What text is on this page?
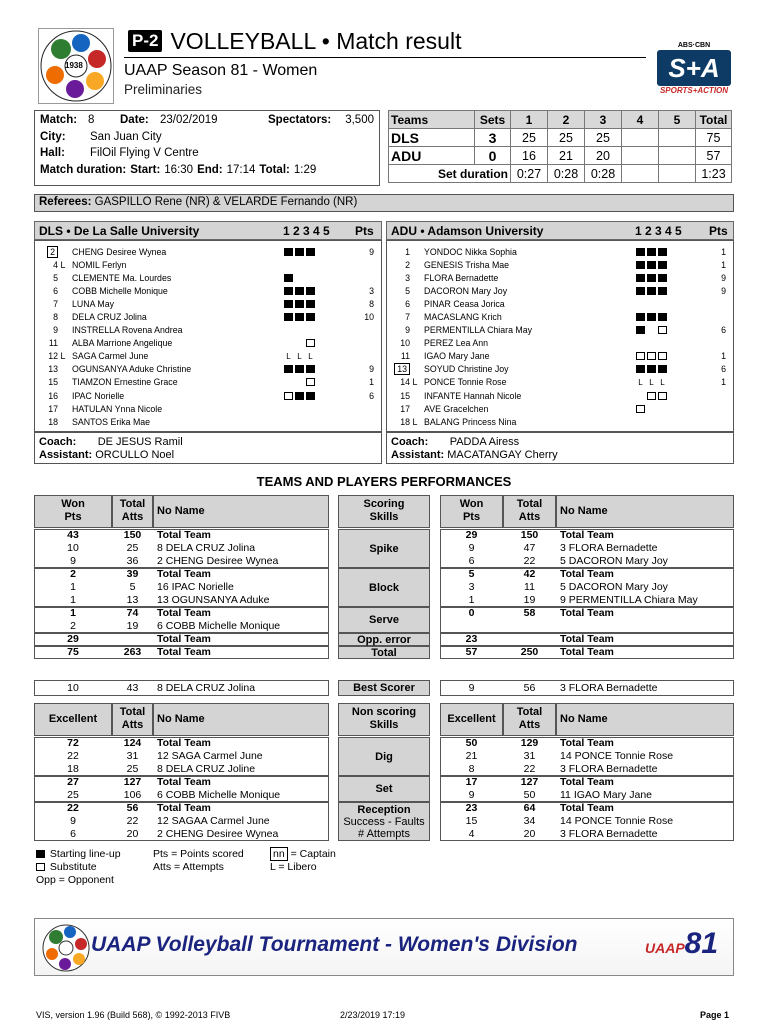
1938
P-2 VOLLEYBALL • Match result
UAAP Season 81 - Women
Preliminaries
ABS·CBN
S+A
SPORTS+ACTION
Match:	8	Date:	23/02/2019	Spectators:	3,500
City:	San Juan City
Hall:	FilOil Flying V Centre
Match duration:	Start:	16:30	End:	17:14	Total:	1:29
Teams	Sets	1	2	3	4	5	Total
DLS	3	25	25	25			75
ADU	0	16	21	20			57
Set duration		0:27	0:28	0:28			1:23
Referees: GASPILLO Rene (NR) & VELARDE Fernando (NR)
DLS • De La Salle University	1 2 3 4 5 Pts	ADU • Adamson University	1 2 3 4 5 Pts
2		CHENG Desiree Wynea		9
4	L	NOMIL Ferlyn		
5		CLEMENTE Ma. Lourdes		
6		COBB Michelle Monique		3
7		LUNA May		8
8		DELA CRUZ Jolina		10
9		INSTRELLA Rovena Andrea		
11		ALBA Marrione Angelique		
12	L	SAGA Carmel June	L L L	
13		OGUNSANYA Aduke Christine		9
15		TIAMZON Ernestine Grace		1
16		IPAC Norielle		6
17		HATULAN Ynna Nicole		
18		SANTOS Erika Mae		
1		YONDOC Nikka Sophia		1
2		GENESIS Trisha Mae		1
3		FLORA Bernadette		9
5		DACORON Mary Joy		9
6		PINAR Ceasa Jorica		
7		MACASLANG Krich		
9		PERMENTILLA Chiara May		6
10		PEREZ Lea Ann		
11		IGAO Mary Jane		1
13		SOYUD Christine Joy		6
14	L	PONCE Tonnie Rose	L L L	1
15		INFANTE Hannah Nicole		
17		AVE Gracelchen		
18	L	BALANG Princess Nina		
Coach: DE JESUS Ramil
Assistant: ORCULLO Noel
Coach: PADDA Airess
Assistant: MACATANGAY Cherry
TEAMS AND PLAYERS PERFORMANCES
Won
Pts
Total
Atts	No Name
Scoring
Skills
Won
Pts
Total
Atts	No Name
Spike
43	150	Total Team	29	150	Total Team
10	25	8 DELA CRUZ Jolina	9	47	3 FLORA Bernadette
9	36	2 CHENG Desiree Wynea	6	22	5 DACORON Mary Joy
Block
2	39	Total Team	5	42	Total Team
1	5	16 IPAC Norielle	3	11	5 DACORON Mary Joy
1	13	13 OGUNSANYA Aduke	1	19	9 PERMENTILLA Chiara May
Serve
1	74	Total Team	0	58	Total Team
2	19	6 COBB Michelle Monique
Opp. error
29	Total Team	23	Total Team
Total
75	263	Total Team	57	250	Total Team
Best Scorer
10	43	8 DELA CRUZ Jolina	9	56	3 FLORA Bernadette
Excellent
Total
Atts	No Name
Non scoring
Skills	Excellent
Total
Atts	No Name
Dig
72	124	Total Team	50	129	Total Team
22	31	12 SAGA Carmel June	21	31	14 PONCE Tonnie Rose
18	25	8 DELA CRUZ Joline	8	22	3 FLORA Bernadette
Set
27	127	Total Team	17	127	Total Team
25	106	6 COBB Michelle Monique	9	50	11 IGAO Mary Jane
Reception
Success - Faults
# Attempts
22	56	Total Team	23	64	Total Team
9	22	12 SAGAA Carmel June	15	34	14 PONCE Tonnie Rose
6	20	2 CHENG Desiree Wynea	4	20	3 FLORA Bernadette
Starting line-up
Substitute
Opp = Opponent
Pts = Points scored
Atts = Attempts
nn = Captain
L = Libero
UAAP Volleyball Tournament - Women's Division	UAAP81
VIS, version 1.96 (Build 568), © 1992-2013 FIVB	2/23/2019 17:19	Page 1
